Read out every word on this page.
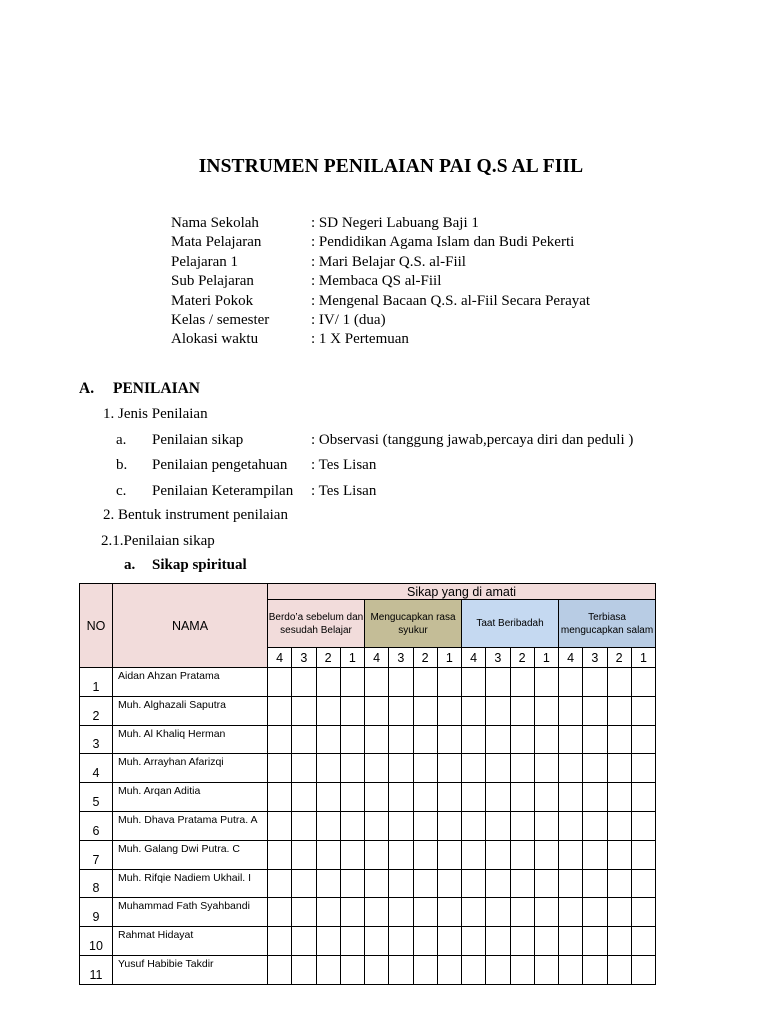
INSTRUMEN PENILAIAN PAI Q.S AL FIIL
Nama Sekolah	: SD Negeri Labuang Baji 1
Mata Pelajaran	: Pendidikan Agama Islam dan Budi Pekerti
Pelajaran 1	: Mari Belajar Q.S. al-Fiil
Sub Pelajaran	: Membaca QS al-Fiil
Materi Pokok	: Mengenal Bacaan Q.S. al-Fiil Secara Perayat
Kelas / semester	: IV/ 1 (dua)
Alokasi waktu	: 1 X Pertemuan
A. PENILAIAN
1. Jenis Penilaian
a. Penilaian sikap	: Observasi (tanggung jawab,percaya diri dan peduli )
b. Penilaian pengetahuan : Tes Lisan
c. Penilaian Keterampilan : Tes Lisan
2. Bentuk instrument penilaian
2.1.Penilaian sikap
a. Sikap spiritual
NO	NAMA	Sikap yang di amati															
		Berdo’a sebelum dan sesudah Belajar				Mengucapkan rasa syukur				Taat Beribadah				Terbiasa mengucapkan salam			
		4	3	2	1	4	3	2	1	4	3	2	1	4	3	2	1

1	Aidan Ahzan Pratama																

2	Muh. Alghazali Saputra																

3	Muh. Al Khaliq Herman																

4	Muh. Arrayhan Afarizqi																

5	Muh. Arqan Aditia																

6	Muh. Dhava Pratama Putra. A																

7	Muh. Galang Dwi Putra. C																

8	Muh. Rifqie Nadiem Ukhail. I																

9	Muhammad Fath Syahbandi																

10	Rahmat Hidayat																

11	Yusuf Habibie Takdir																
